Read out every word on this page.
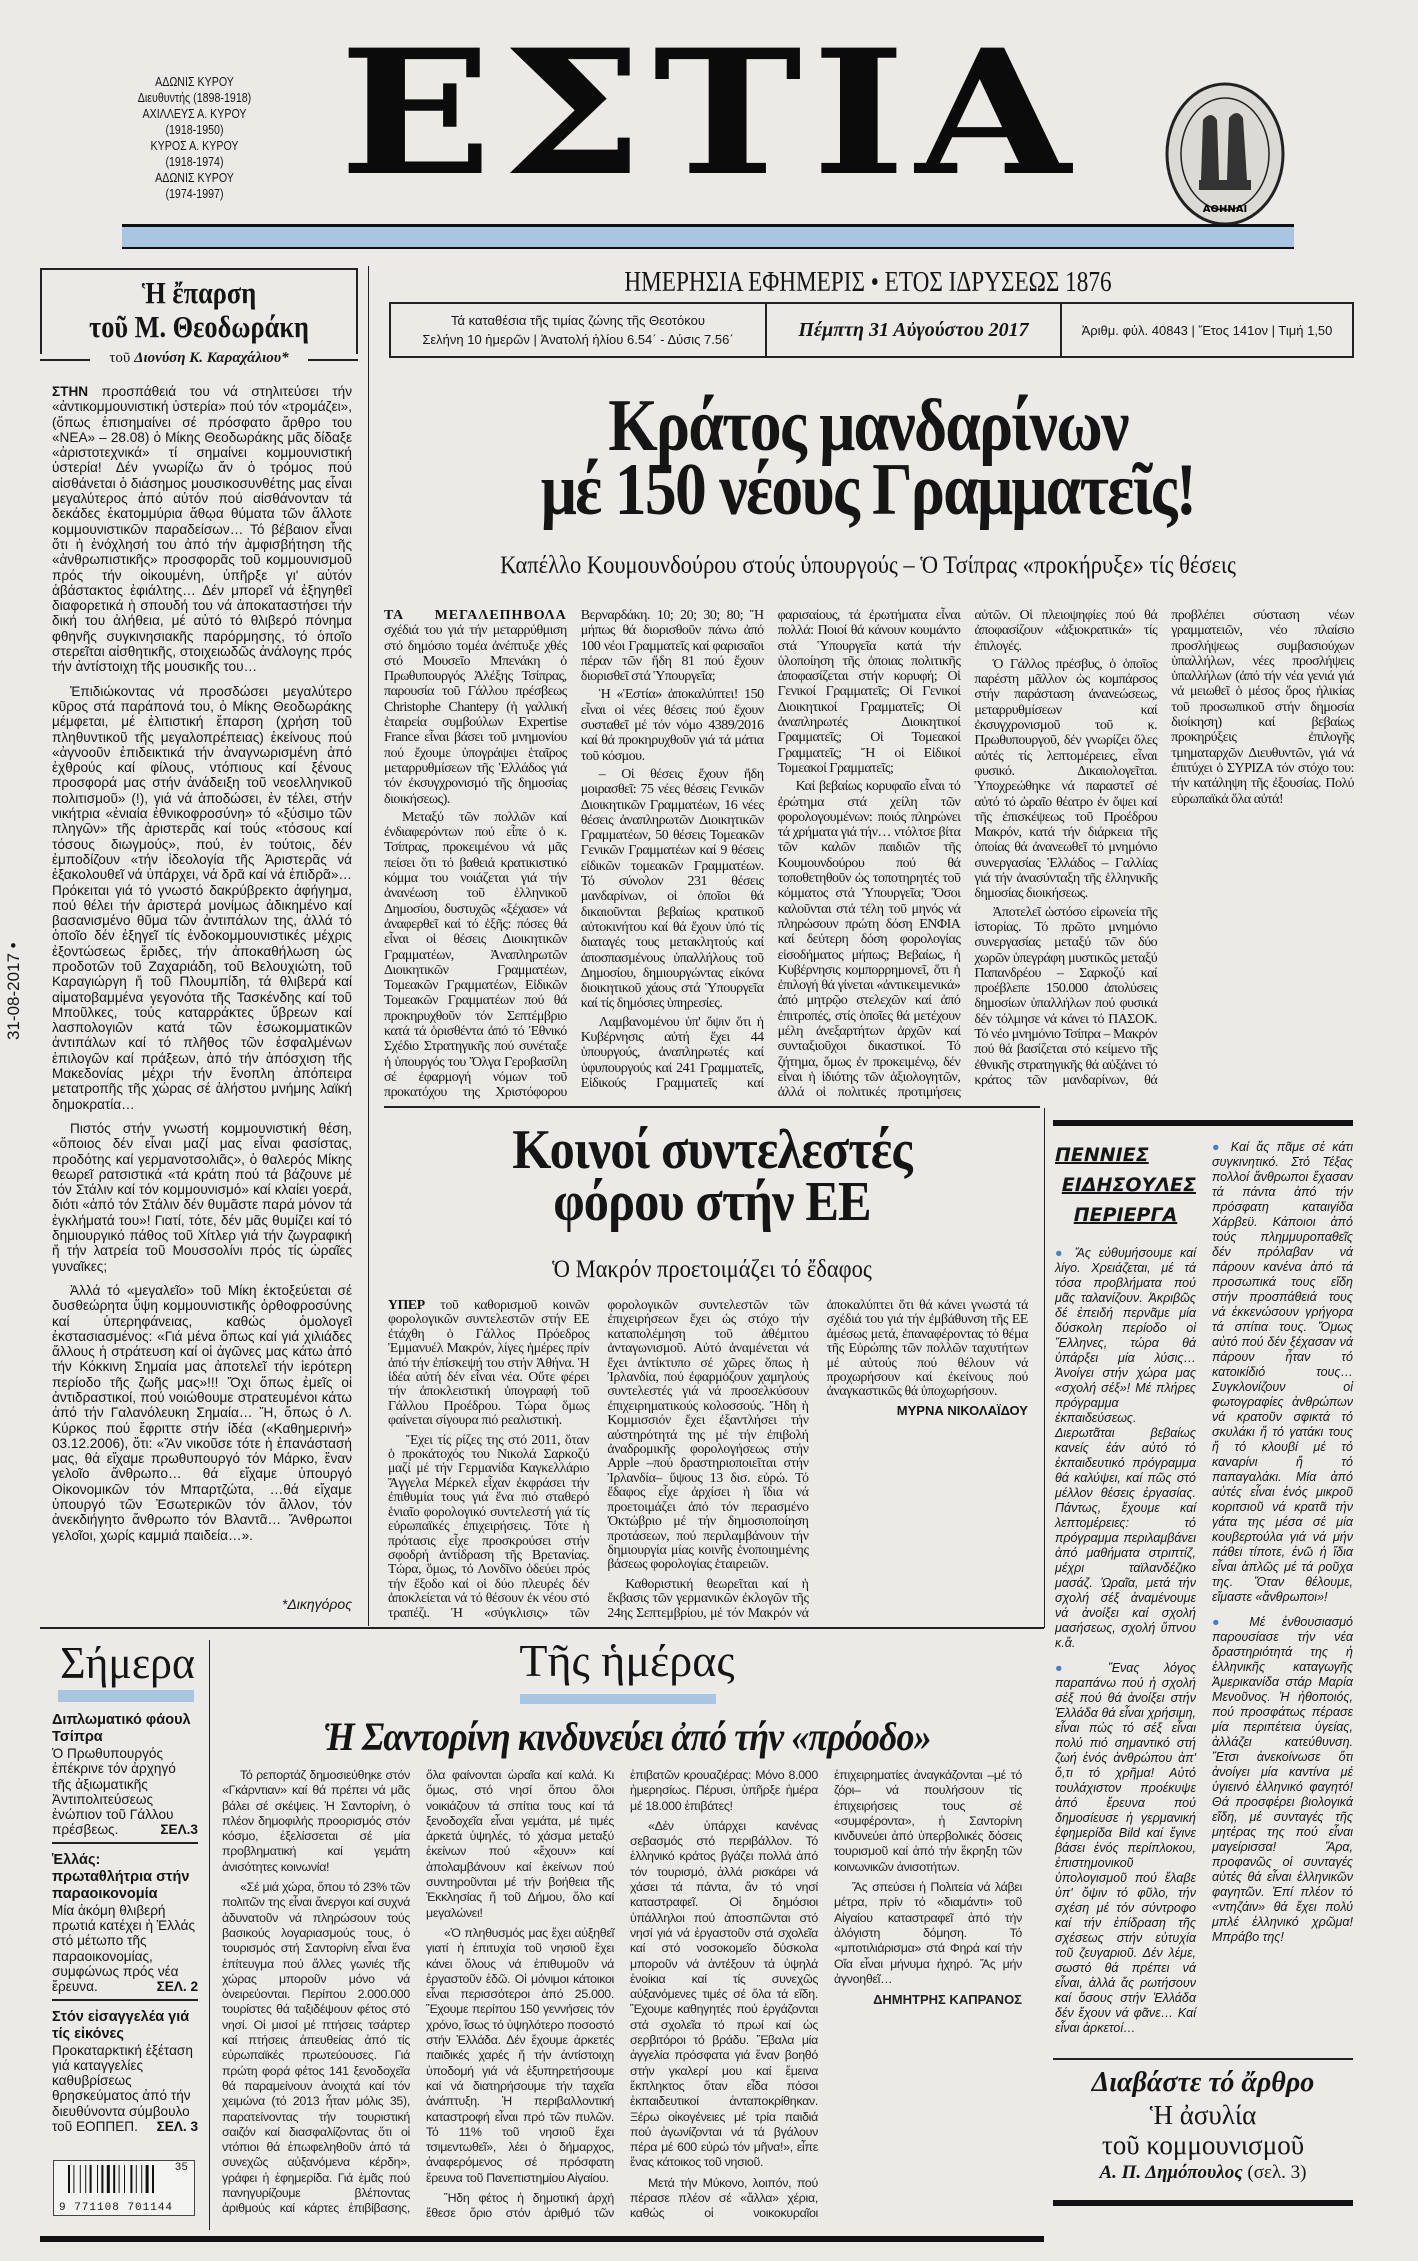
ΑΔΩΝΙΣ ΚΥΡΟΥ
Διευθυντής (1898-1918)
ΑΧΙΛΛΕΥΣ Α. ΚΥΡΟΥ
(1918-1950)
ΚΥΡΟΣ Α. ΚΥΡΟΥ
(1918-1974)
ΑΔΩΝΙΣ ΚΥΡΟΥ
(1974-1997) ΕΣΤΙΑ	ΑΘΗΝΑΙ
Ἡ ἔπαρση
τοῦ Μ. Θεοδωράκη
τοῦ Διονύση Κ. Καραχάλιου*

ΣΤΗΝ προσπάθειά του νά στηλιτεύσει τήν «ἀντικομμουνιστική ὑστερία» πού τόν «τρομάζει», (ὅπως ἐπισημαίνει σέ πρόσφατο ἄρθρο του «ΝΕΑ» – 28.08) ὁ Μίκης Θεοδωράκης μᾶς δίδαξε «ἀριστοτεχνικά» τί σημαίνει κομμουνιστική ὑστερία! Δέν γνωρίζω ἄν ὁ τρόμος πού αἰσθάνεται ὁ διάσημος μουσικοσυνθέτης μας εἶναι μεγαλύτερος ἀπό αὐτόν πού αἰσθάνονταν τά δεκάδες ἑκατομμύρια ἄθῳα θύματα τῶν ἄλλοτε κομμουνιστικῶν παραδείσων… Τό βέβαιον εἶναι ὅτι ἡ ἐνόχλησή του ἀπό τήν ἀμφισβήτηση τῆς «ἀνθρωπιστικῆς» προσφορᾶς τοῦ κομμουνισμοῦ πρός τήν οἰκουμένη, ὑπῆρξε γι' αὐτόν ἀβάστακτος ἐφιάλτης… Δέν μπορεῖ νά ἐξηγηθεῖ διαφορετικά ἡ σπουδή του νά ἀποκαταστήσει τήν δική του ἀλήθεια, μέ αὐτό τό θλιβερό πόνημα φθηνῆς συγκινησιακῆς παρόρμησης, τό ὁποῖο στερεῖται αἰσθητικῆς, στοιχειωδῶς ἀνάλογης πρός τήν ἀντίστοιχη τῆς μουσικῆς του…

Ἐπιδιώκοντας νά προσδώσει μεγαλύτερο κῦρος στά παράπονά του, ὁ Μίκης Θεοδωράκης μέμφεται, μέ ἐλιτιστική ἔπαρση (χρήση τοῦ πληθυντικοῦ τῆς μεγαλοπρέπειας) ἐκείνους πού «ἀγνοοῦν ἐπιδεικτικά τήν ἀναγνωρισμένη ἀπό ἐχθρούς καί φίλους, ντόπιους καί ξένους προσφορά μας στήν ἀνάδειξη τοῦ νεοελληνικοῦ πολιτισμοῦ» (!), γιά νά ἀποδώσει, ἐν τέλει, στήν νικήτρια «ἐνιαία ἐθνικοφροσύνη» τό «ξύσιμο τῶν πληγῶν» τῆς ἀριστερᾶς καί τούς «τόσους καί τόσους διωγμούς», πού, ἐν τούτοις, δέν ἐμποδίζουν «τήν ἰδεολογία τῆς Ἀριστερᾶς νά ἐξακολουθεῖ νά ὑπάρχει, νά δρᾶ καί νά ἐπιδρᾶ»… Πρόκειται γιά τό γνωστό δακρύβρεκτο ἀφήγημα, πού θέλει τήν ἀριστερά μονίμως ἀδικημένο καί βασανισμένο θῦμα τῶν ἀντιπάλων της, ἀλλά τό ὁποῖο δέν ἐξηγεῖ τίς ἐνδοκομμουνιστικές μέχρις ἐξοντώσεως ἔριδες, τήν ἀποκαθήλωση ὡς προδοτῶν τοῦ Ζαχαριάδη, τοῦ Βελουχιώτη, τοῦ Καραγιώργη ἤ τοῦ Πλουμπίδη, τά θλιβερά καί αἱματοβαμμένα γεγονότα τῆς Τασκένδης καί τοῦ Μποῦλκες, τούς καταρράκτες ὕβρεων καί λασπολογιῶν κατά τῶν ἐσωκομματικῶν ἀντιπάλων καί τό πλῆθος τῶν ἐσφαλμένων ἐπιλογῶν καί πράξεων, ἀπό τήν ἀπόσχιση τῆς Μακεδονίας μέχρι τήν ἔνοπλη ἀπόπειρα μετατροπῆς τῆς χώρας σέ ἀλήστου μνήμης λαϊκή δημοκρατία…

Πιστός στήν γνωστή κομμουνιστική θέση, «ὅποιος δέν εἶναι μαζί μας εἶναι φασίστας, προδότης καί γερμανοτσολιᾶς», ὁ θαλερός Μίκης θεωρεῖ ρατσιστικά «τά κράτη πού τά βάζουνε μέ τόν Στάλιν καί τόν κομμουνισμό» καί κλαίει γοερά, διότι «ἀπό τόν Στάλιν δέν θυμᾶστε παρά μόνον τά ἐγκλήματά του»! Γιατί, τότε, δέν μᾶς θυμίζει καί τό δημιουργικό πάθος τοῦ Χίτλερ γιά τήν ζωγραφική ἤ τήν λατρεία τοῦ Μουσσολίνι πρός τίς ὡραῖες γυναῖκες;

Ἀλλά τό «μεγαλεῖο» τοῦ Μίκη ἐκτοξεύεται σέ δυσθεώρητα ὕψη κομμουνιστικῆς ὀρθοφροσύνης καί ὑπερηφάνειας, καθώς ὁμολογεῖ ἐκστασιασμένος: «Γιά μένα ὅπως καί γιά χιλιάδες ἄλλους ἡ στράτευση καί οἱ ἀγῶνες μας κάτω ἀπό τήν Κόκκινη Σημαία μας ἀποτελεῖ τήν ἱερότερη περίοδο τῆς ζωῆς μας»!!! Ὄχι ὅπως ἐμεῖς οἱ ἀντιδραστικοί, πού νοιώθουμε στρατευμένοι κάτω ἀπό τήν Γαλανόλευκη Σημαία… Ἤ, ὅπως ὁ Λ. Κύρκος πού ἔφριττε στήν ἰδέα («Καθημερινή» 03.12.2006), ὅτι: «Ἄν νικοῦσε τότε ἡ ἐπανάστασή μας, θά εἴχαμε πρωθυπουργό τόν Μάρκο, ἕναν γελοῖο ἄνθρωπο… θά εἴχαμε ὑπουργό Οἰκονομικῶν τόν Μπαρτζώτα, …θά εἴχαμε ὑπουργό τῶν Ἐσωτερικῶν τόν ἄλλον, τόν ἀνεκδιήγητο ἄνθρωπο τόν Βλαντᾶ… Ἄνθρωποι γελοῖοι, χωρίς καμμιά παιδεία…».

*Δικηγόρος
31-08-2017 •
ΗΜΕΡΗΣΙΑ ΕΦΗΜΕΡΙΣ • ΕΤΟΣ ΙΔΡΥΣΕΩΣ 1876
Τά καταθέσια τῆς τιμίας ζώνης τῆς Θεοτόκου
Σελήνη 10 ἡμερῶν | Ἀνατολή ἡλίου 6.54΄ - Δύσις 7.56΄	Πέμπτη 31 Αὐγούστου 2017	Ἀριθμ. φύλ. 40843 | Ἔτος 141ον | Τιμή 1,50
Κράτος μανδαρίνων
μέ 150 νέους Γραμματεῖς!
Καπέλλο Κουμουνδούρου στούς ὑπουργούς – Ὁ Τσίπρας «προκήρυξε» τίς θέσεις

ΤΑ ΜΕΓΑΛΕΠΗΒΟΛΑ σχέδιά του γιά τήν μεταρρύθμιση στό δημόσιο τομέα ἀνέπτυξε χθές στό Μουσεῖο Μπενάκη ὁ Πρωθυπουργός Ἀλέξης Τσίπρας, παρουσία τοῦ Γάλλου πρέσβεως Christophe Chantepy (ἡ γαλλική ἑταιρεία συμβούλων Expertise France εἶναι βάσει τοῦ μνημονίου πού ἔχουμε ὑπογράψει ἑταῖρος μεταρρυθμίσεων τῆς Ἑλλάδος γιά τόν ἐκσυγχρονισμό τῆς δημοσίας διοικήσεως).

Μεταξύ τῶν πολλῶν καί ἐνδιαφερόντων πού εἶπε ὁ κ. Τσίπρας, προκειμένου νά μᾶς πείσει ὅτι τό βαθειά κρατικιστικό κόμμα του νοιάζεται γιά τήν ἀνανέωση τοῦ ἑλληνικοῦ Δημοσίου, δυστυχῶς «ξέχασε» νά ἀναφερθεῖ καί τό ἑξῆς: πόσες θά εἶναι οἱ θέσεις Διοικητικῶν Γραμματέων, Ἀναπληρωτῶν Διοικητικῶν Γραμματέων, Τομεακῶν Γραμματέων, Εἰδικῶν Τομεακῶν Γραμματέων πού θά προκηρυχθοῦν τόν Σεπτέμβριο κατά τά ὁρισθέντα ἀπό τό Ἐθνικό Σχέδιο Στρατηγικῆς πού συνέταξε ἡ ὑπουργός του Ὄλγα Γεροβασίλη σέ ἐφαρμογή νόμων τοῦ προκατόχου της Χριστόφορου Βερναρδάκη. 10; 20; 30; 80; Ἤ μήπως θά διορισθοῦν πάνω ἀπό 100 νέοι Γραμματεῖς καί φαρισαῖοι πέραν τῶν ἤδη 81 πού ἔχουν διορισθεῖ στά Ὑπουργεῖα;

Ἡ «Ἑστία» ἀποκαλύπτει! 150 εἶναι οἱ νέες θέσεις πού ἔχουν συσταθεῖ μέ τόν νόμο 4389/2016 καί θά προκηρυχθοῦν γιά τά μάτια τοῦ κόσμου.

– Οἱ θέσεις ἔχουν ἤδη μοιρασθεῖ: 75 νέες θέσεις Γενικῶν Διοικητικῶν Γραμματέων, 16 νέες θέσεις ἀναπληρωτῶν Διοικητικῶν Γραμματέων, 50 θέσεις Τομεακῶν Γενικῶν Γραμματέων καί 9 θέσεις εἰδικῶν τομεακῶν Γραμματέων. Τό σύνολον 231 θέσεις μανδαρίνων, οἱ ὁποῖοι θά δικαιοῦνται βεβαίως κρατικοῦ αὐτοκινήτου καί θά ἔχουν ὑπό τίς διαταγές τους μετακλητούς καί ἀποσπασμένους ὑπαλλήλους τοῦ Δημοσίου, δημιουργώντας εἰκόνα διοικητικοῦ χάους στά Ὑπουργεῖα καί τίς δημόσιες ὑπηρεσίες.

Λαμβανομένου ὑπ' ὄψιν ὅτι ἡ Κυβέρνησις αὐτή ἔχει 44 ὑπουργούς, ἀναπληρωτές καί ὑφυπουργούς καί 241 Γραμματεῖς, Εἰδικούς Γραμματεῖς καί φαρισαίους, τά ἐρωτήματα εἶναι πολλά: Ποιοί θά κάνουν κουμάντο στά Ὑπουργεῖα κατά τήν ὑλοποίηση τῆς ὁποιας πολιτικῆς ἀποφασίζεται στήν κορυφή; Οἱ Γενικοί Γραμματεῖς; Οἱ Γενικοί Διοικητικοί Γραμματεῖς; Οἱ ἀναπληρωτές Διοικητικοί Γραμματεῖς; Οἱ Τομεακοί Γραμματεῖς; Ἤ οἱ Εἰδικοί Τομεακοί Γραμματεῖς;

Καί βεβαίως κορυφαῖο εἶναι τό ἐρώτημα στά χείλη τῶν φορολογουμένων: ποιός πληρώνει τά χρήματα γιά τήν… ντόλτσε βίτα τῶν καλῶν παιδιῶν τῆς Κουμουνδούρου πού θά τοποθετηθοῦν ὡς τοποτηρητές τοῦ κόμματος στά Ὑπουργεῖα; Ὅσοι καλοῦνται στά τέλη τοῦ μηνός νά πληρώσουν πρώτη δόση ΕΝΦΙΑ καί δεύτερη δόση φορολογίας εἰσοδήματος μήπως; Βεβαίως, ἡ Κυβέρνησις κομπορρημονεῖ, ὅτι ἡ ἐπιλογή θά γίνεται «ἀντικειμενικά» ἀπό μητρῷο στελεχῶν καί ἀπό ἐπιτροπές, στίς ὁποῖες θά μετέχουν μέλη ἀνεξαρτήτων ἀρχῶν καί συνταξιοῦχοι δικαστικοί. Τό ζήτημα, ὅμως ἐν προκειμένῳ, δέν εἶναι ἡ ἰδιότης τῶν ἀξιολογητῶν, ἀλλά οἱ πολιτικές προτιμήσεις αὐτῶν. Οἱ πλειοψηφίες πού θά ἀποφασίζουν «ἀξιοκρατικά» τίς ἐπιλογές.

Ὁ Γάλλος πρέσβυς, ὁ ὁποῖος παρέστη μᾶλλον ὡς κομπάρσος στήν παράσταση ἀνανεώσεως, μεταρρυθμίσεων καί ἐκσυγχρονισμοῦ τοῦ κ. Πρωθυπουργοῦ, δέν γνωρίζει ὅλες αὐτές τίς λεπτομέρειες, εἶναι φυσικό. Δικαιολογεῖται. Ὑποχρεώθηκε νά παραστεῖ σέ αὐτό τό ὡραῖο θέατρο ἐν ὄψει καί τῆς ἐπισκέψεως τοῦ Προέδρου Μακρόν, κατά τήν διάρκεια τῆς ὁποίας θά ἀνανεωθεῖ τό μνημόνιο συνεργασίας Ἑλλάδος – Γαλλίας γιά τήν ἀνασύνταξη τῆς ἑλληνικῆς δημοσίας διοικήσεως.

Ἀποτελεῖ ὡστόσο εἰρωνεία τῆς ἱστορίας. Τό πρῶτο μνημόνιο συνεργασίας μεταξύ τῶν δύο χωρῶν ὑπεγράφη μυστικῶς μεταξύ Παπανδρέου – Σαρκοζύ καί προέβλεπε 150.000 ἀπολύσεις δημοσίων ὑπαλλήλων πού φυσικά δέν τόλμησε νά κάνει τό ΠΑΣΟΚ. Τό νέο μνημόνιο Τσίπρα – Μακρόν πού θά βασίζεται στό κείμενο τῆς ἐθνικῆς στρατηγικῆς θά αὐξάνει τό κράτος τῶν μανδαρίνων, θά προβλέπει σύσταση νέων γραμματειῶν, νέο πλαίσιο προσλήψεως συμβασιούχων ὑπαλλήλων, νέες προσλήψεις ὑπαλλήλων (ἀπό τήν νέα γενιά γιά νά μειωθεῖ ὁ μέσος ὅρος ἡλικίας τοῦ προσωπικοῦ στήν δημοσία διοίκηση) καί βεβαίως προκηρύξεις ἐπιλογῆς τμηματαρχῶν Διευθυντῶν, γιά νά ἐπιτύχει ὁ ΣΥΡΙΖΑ τόν στόχο του: τήν κατάληψη τῆς ἐξουσίας. Πολύ εὐρωπαϊκά ὅλα αὐτά!

Κοινοί συντελεστές
φόρου στήν ΕΕ
Ὁ Μακρόν προετοιμάζει τό ἔδαφος

ΥΠΕΡ τοῦ καθορισμοῦ κοινῶν φορολογικῶν συντελεστῶν στήν ΕΕ ἐτάχθη ὁ Γάλλος Πρόεδρος Ἐμμανυέλ Μακρόν, λίγες ἡμέρες πρίν ἀπό τήν ἐπίσκεψή του στήν Ἀθήνα. Ἡ ἰδέα αὐτή δέν εἶναι νέα. Οὔτε φέρει τήν ἀποκλειστική ὑπογραφή τοῦ Γάλλου Προέδρου. Τώρα ὅμως φαίνεται σίγουρα πιό ρεαλιστική.

Ἔχει τίς ρίζες της στό 2011, ὅταν ὁ προκάτοχός του Νικολά Σαρκοζύ μαζί μέ τήν Γερμανίδα Καγκελλάριο Ἄγγελα Μέρκελ εἶχαν ἐκφράσει τήν ἐπιθυμία τους γιά ἕνα πιό σταθερό ἑνιαῖο φορολογικό συντελεστή γιά τίς εὐρωπαϊκές ἐπιχειρήσεις. Τότε ἡ πρότασις εἶχε προσκρούσει στήν σφοδρή ἀντίδραση τῆς Βρετανίας. Τώρα, ὅμως, τό Λονδῖνο ὁδεύει πρός τήν ἔξοδο καί οἱ δύο πλευρές δέν ἀποκλείεται νά τό θέσουν ἐκ νέου στό τραπέζι. Ἡ «σύγκλισις» τῶν φορολογικῶν συντελεστῶν τῶν ἐπιχειρήσεων ἔχει ὡς στόχο τήν καταπολέμηση τοῦ ἀθέμιτου ἀνταγωνισμοῦ. Αὐτό ἀναμένεται νά ἔχει ἀντίκτυπο σέ χῶρες ὅπως ἡ Ἰρλανδία, πού ἐφαρμόζουν χαμηλούς συντελεστές γιά νά προσελκύσουν ἐπιχειρηματικούς κολοσσούς. Ἤδη ἡ Κομμισσιόν ἔχει ἐξαντλήσει τήν αὐστηρότητά της μέ τήν ἐπιβολή ἀναδρομικῆς φορολογήσεως στήν Apple –πού δραστηριοποιεῖται στήν Ἰρλανδία– ὕψους 13 δισ. εὐρώ. Τό ἔδαφος εἶχε ἀρχίσει ἡ ἴδια νά προετοιμάζει ἀπό τόν περασμένο Ὀκτώβριο μέ τήν δημοσιοποίηση προτάσεων, πού περιλαμβάνουν τήν δημιουργία μίας κοινῆς ἑνοποιημένης βάσεως φορολογίας ἑταιρειῶν.

Καθοριστική θεωρεῖται καί ἡ ἔκβασις τῶν γερμανικῶν ἐκλογῶν τῆς 24ης Σεπτεμβρίου, μέ τόν Μακρόν νά ἀποκαλύπτει ὅτι θά κάνει γνωστά τά σχέδιά του γιά τήν ἐμβάθυνση τῆς ΕΕ ἀμέσως μετά, ἐπαναφέροντας τό θέμα τῆς Εὐρώπης τῶν πολλῶν ταχυτήτων μέ αὐτούς πού θέλουν νά προχωρήσουν καί ἐκείνους πού ἀναγκαστικῶς θά ὑποχωρήσουν.

ΜΥΡΝΑ ΝΙΚΟΛΑΪΔΟΥ

ΠΕΝΝΙΕΣ
ΕΙΔΗΣΟΥΛΕΣ
ΠΕΡΙΕΡΓΑ

● Ἄς εὐθυμήσουμε καί λίγο. Χρειάζεται, μέ τά τόσα προβλήματα πού μᾶς ταλανίζουν. Ἀκριβῶς δέ ἐπειδή περνᾶμε μία δύσκολη περίοδο οἱ Ἕλληνες, τώρα θά ὑπάρξει μία λύσις… Ἀνοίγει στήν χώρα μας «σχολή σέξ»! Μέ πλήρες πρόγραμμα ἐκπαιδεύσεως. Διερωτᾶται βεβαίως κανείς ἐάν αὐτό τό ἐκπαιδευτικό πρόγραμμα θά καλύψει, καί πῶς στό μέλλον θέσεις ἐργασίας. Πάντως, ἔχουμε καί λεπτομέρειες: τό πρόγραμμα περιλαμβάνει ἀπό μαθήματα στριπτίζ, μέχρι ταϊλανδέζικο μασάζ. Ὡραῖα, μετά τήν σχολή σέξ ἀναμένουμε νά ἀνοίξει καί σχολή μασήσεως, σχολή ὕπνου κ.ἄ.

● Ἕνας λόγος παραπάνω πού ἡ σχολή σέξ πού θά ἀνοίξει στήν Ἑλλάδα θά εἶναι χρήσιμη, εἶναι πώς τό σέξ εἶναι πολύ πιό σημαντικό στή ζωή ἑνός ἀνθρώπου ἀπ' ὅ,τι τό χρῆμα! Αὐτό τουλάχιστον προέκυψε ἀπό ἔρευνα πού δημοσίευσε ἡ γερμανική ἐφημερίδα Bild καί ἔγινε βάσει ἑνός περίπλοκου, ἐπιστημονικοῦ ὑπολογισμοῦ πού ἔλαβε ὑπ' ὄψιν τό φῦλο, τήν σχέση μέ τόν σύντροφο καί τήν ἐπίδραση τῆς σχέσεως στήν εὐτυχία τοῦ ζευγαριοῦ. Δέν λέμε, σωστό θά πρέπει νά εἶναι, ἀλλά ἄς ρωτήσουν καί ὅσους στήν Ἑλλάδα δέν ἔχουν νά φᾶνε… Καί εἶναι ἀρκετοί…

● Καί ἄς πᾶμε σέ κάτι συγκινητικό. Στό Τέξας πολλοί ἄνθρωποι ἔχασαν τά πάντα ἀπό τήν πρόσφατη καταιγίδα Χάρβεϋ. Κάποιοι ἀπό τούς πλημμυροπαθεῖς δέν πρόλαβαν νά πάρουν κανένα ἀπό τά προσωπικά τους εἴδη στήν προσπάθειά τους νά ἐκκενώσουν γρήγορα τά σπίτια τους. Ὅμως αὐτό πού δέν ξέχασαν νά πάρουν ἦταν τό κατοικίδιό τους… Συγκλονίζουν οἱ φωτογραφίες ἀνθρώπων νά κρατοῦν σφικτά τό σκυλάκι ἤ τό γατάκι τους ἤ τό κλουβί μέ τό καναρίνι ἤ τό παπαγαλάκι. Μία ἀπό αὐτές εἶναι ἑνός μικροῦ κοριτσιοῦ νά κρατᾶ τήν γάτα της μέσα σέ μία κουβερτούλα γιά νά μήν πάθει τίποτε, ἐνῶ ἡ ἴδια εἶναι ἁπλῶς μέ τά ροῦχα της. Ὅταν θέλουμε, εἴμαστε «ἄνθρωποι»!

● Μέ ἐνθουσιασμό παρουσίασε τήν νέα δραστηριότητά της ἡ ἑλληνικῆς καταγωγῆς Ἀμερικανίδα στάρ Μαρία Μενοῦνος. Ἡ ἠθοποιός, πού προσφάτως πέρασε μία περιπέτεια ὑγείας, ἀλλάζει κατεύθυνση. Ἔτσι ἀνεκοίνωσε ὅτι ἀνοίγει μία καντίνα μέ ὑγιεινό ἑλληνικό φαγητό! Θά προσφέρει βιολογικά εἴδη, μέ συνταγές τῆς μητέρας της πού εἶναι μαγείρισσα! Ἄρα, προφανῶς οἱ συνταγές αὐτές θά εἶναι ἑλληνικῶν φαγητῶν. Ἐπί πλέον τό «ντηζάιν» θά ἔχει πολύ μπλέ ἑλληνικό χρῶμα! Μπράβο της!

Διαβάστε τό ἄρθρο
Ἡ ἀσυλία
τοῦ κομμουνισμοῦ
Α. Π. Δημόπουλος (σελ. 3)
Σήμερα
Διπλωματικό φάουλ Τσίπρα
Ὁ Πρωθυπουργός ἐπέκρινε τόν ἀρχηγό τῆς ἀξιωματικῆς Ἀντιπολιτεύσεως ἐνώπιον τοῦ Γάλλου πρέσβεως.	ΣΕΛ.3
Ἑλλάς: πρωταθλήτρια στήν παραοικονομία
Μία ἀκόμη θλιβερή πρωτιά κατέχει ἡ Ἑλλάς στό μέτωπο τῆς παραοικονομίας, συμφώνως πρός νέα ἔρευνα.	ΣΕΛ. 2
Στόν εἰσαγγελέα γιά τίς εἰκόνες
Προκαταρκτική ἐξέταση γιά καταγγελίες καθυβρίσεως θρησκεύματος ἀπό τήν διευθύνοντα σύμβουλο τοῦ ΕΟΠΠΕΠ. ΣΕΛ. 3
35
9 771108 701144
Τῆς ἡμέρας
Ἡ Σαντορίνη κινδυνεύει ἀπό τήν «πρόοδο»

Τό ρεπορτάζ δημοσιεύθηκε στόν «Γκάρντιαν» καί θά πρέπει νά μᾶς βάλει σέ σκέψεις. Ἡ Σαντορίνη, ὁ πλέον δημοφιλής προορισμός στόν κόσμο, ἐξελίσσεται σέ μία προβληματική καί γεμάτη ἀνισότητες κοινωνία!

«Σέ μιά χώρα, ὅπου τό 23% τῶν πολιτῶν της εἶναι ἄνεργοι καί συχνά ἀδυνατοῦν νά πληρώσουν τούς βασικούς λογαριασμούς τους, ὁ τουρισμός στή Σαντορίνη εἶναι ἕνα ἐπίτευγμα πού ἄλλες γωνιές τῆς χώρας μποροῦν μόνο νά ὀνειρεύονται. Περίπου 2.000.000 τουρίστες θά ταξιδέψουν φέτος στό νησί. Οἱ μισοί μέ πτήσεις τσάρτερ καί πτήσεις ἀπευθείας ἀπό τίς εὐρωπαϊκές πρωτεύουσες. Γιά πρώτη φορά φέτος 141 ξενοδοχεῖα θά παραμείνουν ἀνοιχτά καί τόν χειμώνα (τό 2013 ἦταν μόλις 35), παρατείνοντας τήν τουριστική σαιζόν καί διασφαλίζοντας ὅτι οἱ ντόπιοι θά ἐπωφεληθοῦν ἀπό τά συνεχῶς αὐξανόμενα κέρδη», γράφει ἡ ἐφημερίδα. Γιά ἐμᾶς πού πανηγυρίζουμε βλέποντας ἀριθμούς καί κάρτες ἐπιβίβασης, ὅλα φαίνονται ὡραῖα καί καλά. Κι ὅμως, στό νησί ὅπου ὅλοι νοικιάζουν τά σπίτια τους καί τά ξενοδοχεῖα εἶναι γεμάτα, μέ τιμές ἀρκετά ὑψηλές, τό χάσμα μεταξύ ἐκείνων πού «ἔχουν» καί ἀπολαμβάνουν καί ἐκείνων πού συντηροῦνται μέ τήν βοήθεια τῆς Ἐκκλησίας ἤ τοῦ Δήμου, ὅλο καί μεγαλώνει!

«Ὁ πληθυσμός μας ἔχει αὐξηθεῖ γιατί ἡ ἐπιτυχία τοῦ νησιοῦ ἔχει κάνει ὅλους νά ἐπιθυμοῦν νά ἐργαστοῦν ἐδῶ. Οἱ μόνιμοι κάτοικοι εἶναι περισσότεροι ἀπό 25.000. Ἔχουμε περίπου 150 γεννήσεις τόν χρόνο, ἴσως τό ὑψηλότερο ποσοστό στήν Ἑλλάδα. Δέν ἔχουμε ἀρκετές παιδικές χαρές ἤ τήν ἀντίστοιχη ὑποδομή γιά νά ἐξυπηρετήσουμε καί νά διατηρήσουμε τήν ταχεῖα ἀνάπτυξη. Ἡ περιβαλλοντική καταστροφή εἶναι πρό τῶν πυλῶν. Τό 11% τοῦ νησιοῦ ἔχει τσιμεντωθεῖ», λέει ὁ δήμαρχος, ἀναφερόμενος σέ πρόσφατη ἔρευνα τοῦ Πανεπιστημίου Αἰγαίου.

Ἤδη φέτος ἡ δημοτική ἀρχή ἔθεσε ὅριο στόν ἀριθμό τῶν ἐπιβατῶν κρουαζιέρας: Μόνο 8.000 ἡμερησίως. Πέρυσι, ὑπῆρξε ἡμέρα μέ 18.000 ἐπιβάτες!

«Δέν ὑπάρχει κανένας σεβασμός στό περιβάλλον. Τό ἑλληνικό κράτος βγάζει πολλά ἀπό τόν τουρισμό, ἀλλά ρισκάρει νά χάσει τά πάντα, ἄν τό νησί καταστραφεῖ. Οἱ δημόσιοι ὑπάλληλοι πού ἀποσπῶνται στό νησί γιά νά ἐργαστοῦν στά σχολεῖα καί στό νοσοκομεῖο δύσκολα μποροῦν νά ἀντέξουν τά ὑψηλά ἐνοίκια καί τίς συνεχῶς αὐξανόμενες τιμές σέ ὅλα τά εἴδη. Ἔχουμε καθηγητές πού ἐργάζονται στά σχολεῖα τό πρωί καί ὡς σερβιτόροι τό βράδυ. Ἔβαλα μία ἀγγελία πρόσφατα γιά ἕναν βοηθό στήν γκαλερί μου καί ἔμεινα ἔκπληκτος ὅταν εἶδα πόσοι ἐκπαιδευτικοί ἀνταποκρίθηκαν. Ξέρω οἰκογένειες μέ τρία παιδιά πού ἀγωνίζονται νά τά βγάλουν πέρα μέ 600 εὐρώ τόν μῆνα!», εἶπε ἕνας κάτοικος τοῦ νησιοῦ.

Μετά τήν Μύκονο, λοιπόν, πού πέρασε πλέον σέ «ἄλλα» χέρια, καθώς οἱ νοικοκυραῖοι ἐπιχειρηματίες ἀναγκάζονται –μέ τό ζόρι– νά πουλήσουν τίς ἐπιχειρήσεις τους σέ «συμφέροντα», ἡ Σαντορίνη κινδυνεύει ἀπό ὑπερβολικές δόσεις τουρισμοῦ καί ἀπό τήν ἔκρηξη τῶν κοινωνικῶν ἀνισοτήτων.

Ἄς σπεύσει ἡ Πολιτεία νά λάβει μέτρα, πρίν τό «διαμάντι» τοῦ Αἰγαίου καταστραφεῖ ἀπό τήν ἀλόγιστη δόμηση. Τό «μποτιλιάρισμα» στά Φηρά καί τήν Οἴα εἶναι μήνυμα ἠχηρό. Ἄς μήν ἀγνοηθεῖ…

ΔΗΜΗΤΡΗΣ ΚΑΠΡΑΝΟΣ
